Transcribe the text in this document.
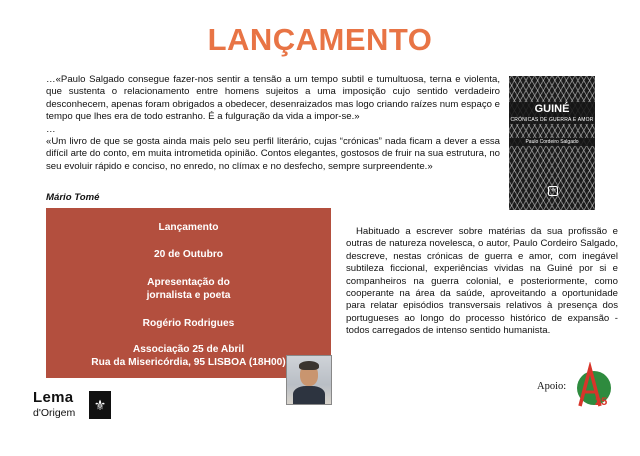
LANÇAMENTO

…«Paulo Salgado consegue fazer-nos sentir a tensão a um tempo subtil e tumultuosa, terna e violenta, que sustenta o relacionamento entre homens sujeitos a uma imposição cujo sentido verdadeiro desconhecem, apenas foram obrigados a obedecer, desenraizados mas logo criando raízes num espaço e tempo que lhes era de todo estranho. É a fulguração da vida a impor-se.»

…

«Um livro de que se gosta ainda mais pelo seu perfil literário, cujas “crónicas” nada ficam a dever a essa difícil arte do conto, em muita intrometida opinião. Contos elegantes, gostosos de fruir na sua estrutura, no seu evoluir rápido e conciso, no enredo, no clímax e no desfecho, sempre surpreendente.»

Mário Tomé
GUINÉ
CRÓNICAS DE GUERRA E AMOR
Paulo Cordeiro Salgado
⚜
Lançamento
20 de Outubro
Apresentação do
jornalista e poeta
Rogério Rodrigues
Associação 25 de Abril
Rua da Misericórdia, 95 LISBOA (18H00)
Habituado a escrever sobre matérias da sua profissão e outras de natureza novelesca, o autor, Paulo Cordeiro Salgado, descreve, nestas crónicas de guerra e amor, com inegável subtileza ficcional, experiências vividas na Guiné por si e companheiros na guerra colonial, e posteriormente, como cooperante na área da saúde, aproveitando a oportunidade para relatar episódios transversais relativos à presença dos portugueses ao longo do processo histórico de expansão - todos carregados de intenso sentido humanista.
Lema
d'Origem	⚜
Apoio:
25
